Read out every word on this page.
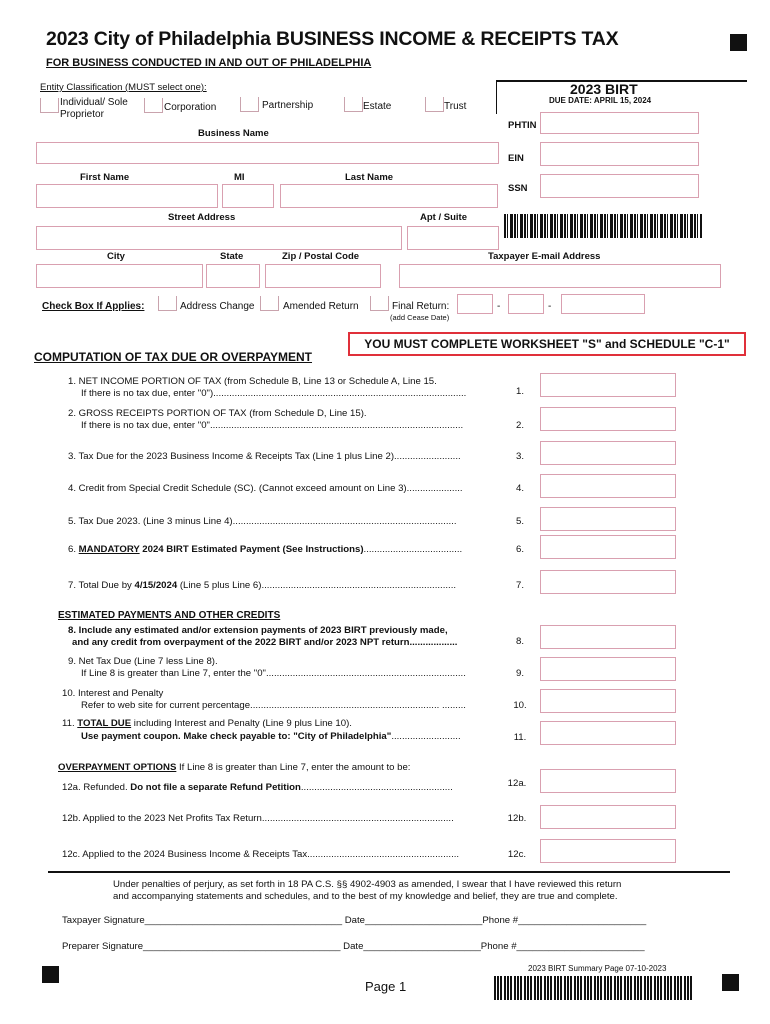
2023 City of Philadelphia BUSINESS INCOME & RECEIPTS TAX
FOR BUSINESS CONDUCTED IN AND OUT OF PHILADELPHIA
Entity Classification (MUST select one):
Individual/ Sole Proprietor
Corporation	Partnership	Estate	Trust
2023 BIRT
DUE DATE: APRIL 15, 2024
PHTIN
EIN
SSN
Business Name
First Name	MI	Last Name
Street Address	Apt / Suite
City	State	Zip / Postal Code	Taxpayer E-mail Address
Check Box If Applies:	Address Change	Amended Return	Final Return:
(add Cease Date)
-	-
YOU MUST COMPLETE WORKSHEET "S" and SCHEDULE "C-1"
COMPUTATION OF TAX DUE OR OVERPAYMENT
1. NET INCOME PORTION OF TAX (from Schedule B, Line 13 or Schedule A, Line 15.
If there is no tax due, enter "0")...............................................................................................	1.
2. GROSS RECEIPTS PORTION OF TAX (from Schedule D, Line 15).
If there is no tax due, enter "0"...............................................................................................	2.
3. Tax Due for the 2023 Business Income & Receipts Tax (Line 1 plus Line 2).........................	3.
4. Credit from Special Credit Schedule (SC). (Cannot exceed amount on Line 3).....................	4.
5. Tax Due 2023. (Line 3 minus Line 4)....................................................................................	5.
6. MANDATORY 2024 BIRT Estimated Payment (See Instructions).....................................	6.
7. Total Due by 4/15/2024 (Line 5 plus Line 6).........................................................................	7.
ESTIMATED PAYMENTS AND OTHER CREDITS
8. Include any estimated and/or extension payments of 2023 BIRT previously made,
and any credit from overpayment of the 2022 BIRT and/or 2023 NPT return..................	8.
9. Net Tax Due (Line 7 less Line 8).
If Line 8 is greater than Line 7, enter the "0"...........................................................................	9.
10. Interest and Penalty
Refer to web site for current percentage....................................................................... .........	10.
11. TOTAL DUE including Interest and Penalty (Line 9 plus Line 10).
Use payment coupon. Make check payable to: "City of Philadelphia"..........................	11.
OVERPAYMENT OPTIONS If Line 8 is greater than Line 7, enter the amount to be:
12a. Refunded. Do not file a separate Refund Petition.........................................................	12a.
12b. Applied to the 2023 Net Profits Tax Return........................................................................	12b.
12c. Applied to the 2024 Business Income & Receipts Tax.........................................................	12c.
Under penalties of perjury, as set forth in 18 PA C.S. §§ 4902-4903 as amended, I swear that I have reviewed this return
and accompanying statements and schedules, and to the best of my knowledge and belief, they are true and complete.
Taxpayer Signature_____________________________________ Date______________________Phone #________________________
Preparer Signature_____________________________________ Date______________________Phone #________________________
2023 BIRT Summary Page 07-10-2023
Page 1
